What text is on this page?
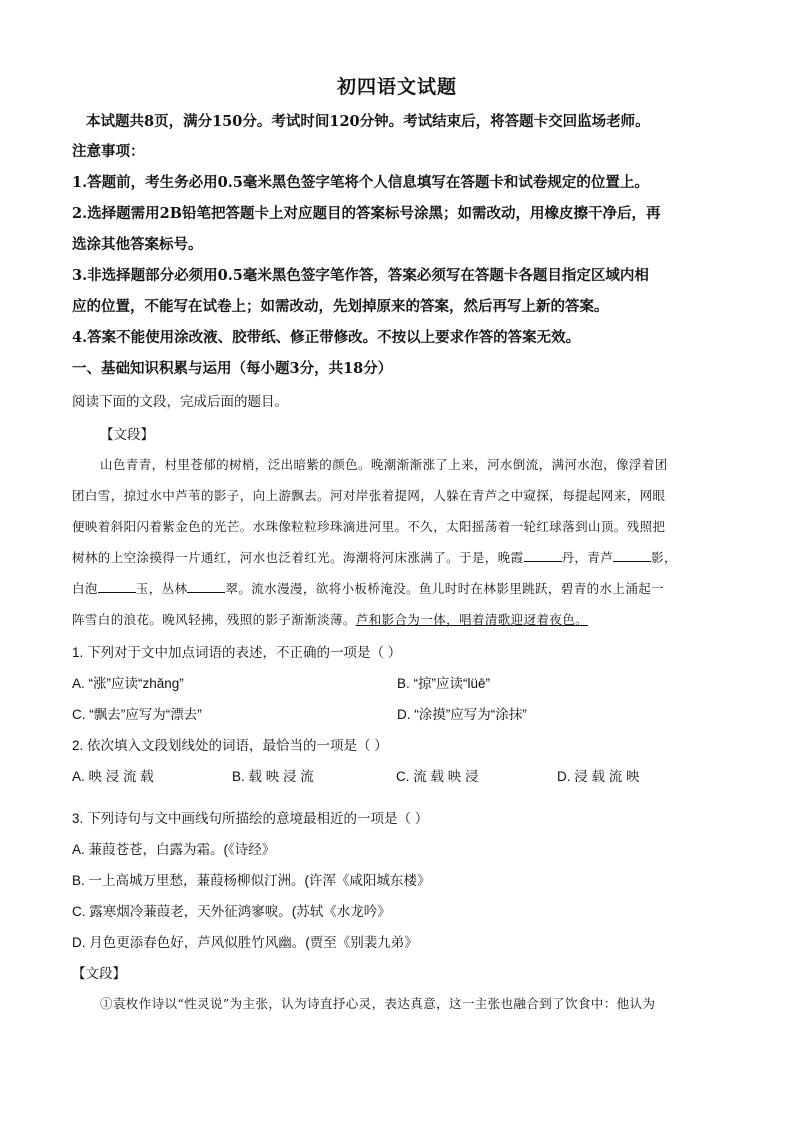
初四语文试题
本试题共8页，满分150分。考试时间120分钟。考试结束后，将答题卡交回监场老师。
注意事项：
1.答题前，考生务必用0.5毫米黑色签字笔将个人信息填写在答题卡和试卷规定的位置上。
2.选择题需用2B铅笔把答题卡上对应题目的答案标号涂黑；如需改动，用橡皮擦干净后，再
选涂其他答案标号。
3.非选择题部分必须用0.5毫米黑色签字笔作答，答案必须写在答题卡各题目指定区域内相
应的位置，不能写在试卷上；如需改动，先划掉原来的答案，然后再写上新的答案。
4.答案不能使用涂改液、胶带纸、修正带修改。不按以上要求作答的答案无效。
一、基础知识积累与运用（每小题3分，共18分）
阅读下面的文段，完成后面的题目。
【文段】
山色青青，村里苍郁的树梢，泛出暗紫的颜色。晚潮渐渐涨了上来，河水倒流，满河水泡，像浮着团
团白雪，掠过水中芦苇的影子，向上游飘去。河对岸张着提网，人躲在青芦之中窥探，每提起网来，网眼
便映着斜阳闪着紫金色的光芒。水珠像粒粒珍珠滴进河里。不久，太阳摇荡着一轮红球落到山顶。残照把
树林的上空涂摸得一片通红，河水也泛着红光。海潮将河床涨满了。于是，晚霞	丹，青芦	影，
白泡	玉，丛林	翠。流水漫漫，欲将小板桥淹没。鱼儿时时在林影里跳跃，碧青的水上涌起一
阵雪白的浪花。晚风轻拂，残照的影子渐渐淡薄。芦和影合为一体，唱着清歌迎迓着夜色。
1. 下列对于文中加点词语的表述，不正确的一项是（ ）
A. “涨”应读“zhǎng”	B. “掠”应读“lüē”
C. “飘去”应写为“漂去”	D. “涂摸”应写为“涂抹”
2. 依次填入文段划线处的词语，最恰当的一项是（ ）
A. 映 浸 流 载	B. 载 映 浸 流	C. 流 载 映 浸	D. 浸 载 流 映
3. 下列诗句与文中画线句所描绘的意境最相近的一项是（ ）
A. 蒹葭苍苍，白露为霜。(《诗经》
B. 一上高城万里愁，蒹葭杨柳似汀洲。(许浑《咸阳城东楼》
C. 露寒烟冷蒹葭老，天外征鸿寥唳。(苏轼《水龙吟》
D. 月色更添春色好，芦风似胜竹风幽。(贾至《别裴九弟》
【文段】
①袁枚作诗以“性灵说”为主张，认为诗直抒心灵，表达真意，这一主张也融合到了饮食中：他认为
